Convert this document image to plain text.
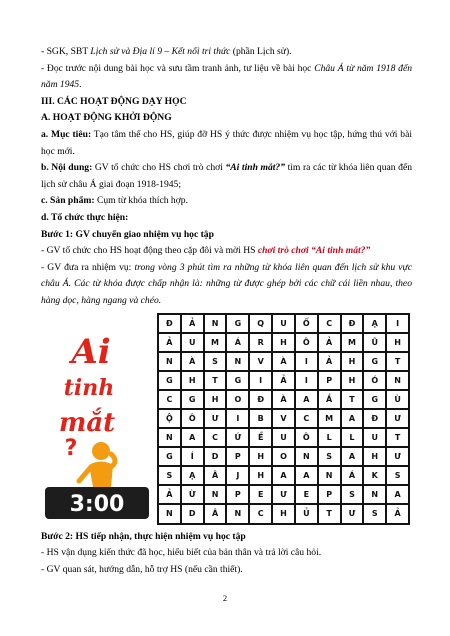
- SGK, SBT Lịch sử và Địa lí 9 – Kết nối tri thức (phần Lịch sử).

- Đọc trước nội dung bài học và sưu tầm tranh ảnh, tư liệu về bài học Châu Á từ năm 1918 đến năm 1945.

III. CÁC HOẠT ĐỘNG DẠY HỌC

A. HOẠT ĐỘNG KHỞI ĐỘNG

a. Mục tiêu: Tạo tâm thế cho HS, giúp đỡ HS ý thức được nhiệm vụ học tập, hứng thú với bài học mới.

b. Nội dung: GV tổ chức cho HS chơi trò chơi “Ai tinh mắt?” tìm ra các từ khóa liên quan đến lịch sử châu Á giai đoạn 1918-1945;

c. Sản phẩm: Cụm từ khóa thích hợp.

d. Tổ chức thực hiện:

Bước 1: GV chuyển giao nhiệm vụ học tập

- GV tổ chức cho HS hoạt động theo cặp đôi và mời HS chơi trò chơi “Ai tinh mắt?”

- GV đưa ra nhiệm vụ: trong vòng 3 phút tìm ra những từ khóa liên quan đến lịch sử khu vực châu Á. Các từ khóa được chấp nhận là: những từ được ghép bởi các chữ cái liền nhau, theo hàng dọc, hàng ngang và chéo.

Ai
tinh
mắt
?
3:00
Đ	Ả	N	G	Q	U	Ố	C	Đ	Ạ	I
Ả	U	M	Á	R	H	Ô	Ả	M	Ũ	H
N	À	S	N	V	À	I	Ả	H	G	T
G	H	T	G	I	Ả	I	P	H	Ó	N
C	G	H	O	Đ	À	A	Ắ	T	G	Ù
Ộ	Ô	Ư	I	B	V	C	M	A	Đ	Ư
N	A	C	Ứ	Ề	U	Ô	L	L	U	T
G	Í	D	P	H	O	N	S	A	H	Ư
S	Ạ	Â	J	H	A	A	N	Á	K	S
Ả	Ừ	N	P	E	Ư	E	P	S	N	A
N	D	Â	N	C	H	Ủ	T	Ư	S	Ả

Bước 2: HS tiếp nhận, thực hiện nhiệm vụ học tập

- HS vận dụng kiến thức đã học, hiểu biết của bản thân và trả lời câu hỏi.

- GV quan sát, hướng dẫn, hỗ trợ HS (nếu cần thiết).

2
